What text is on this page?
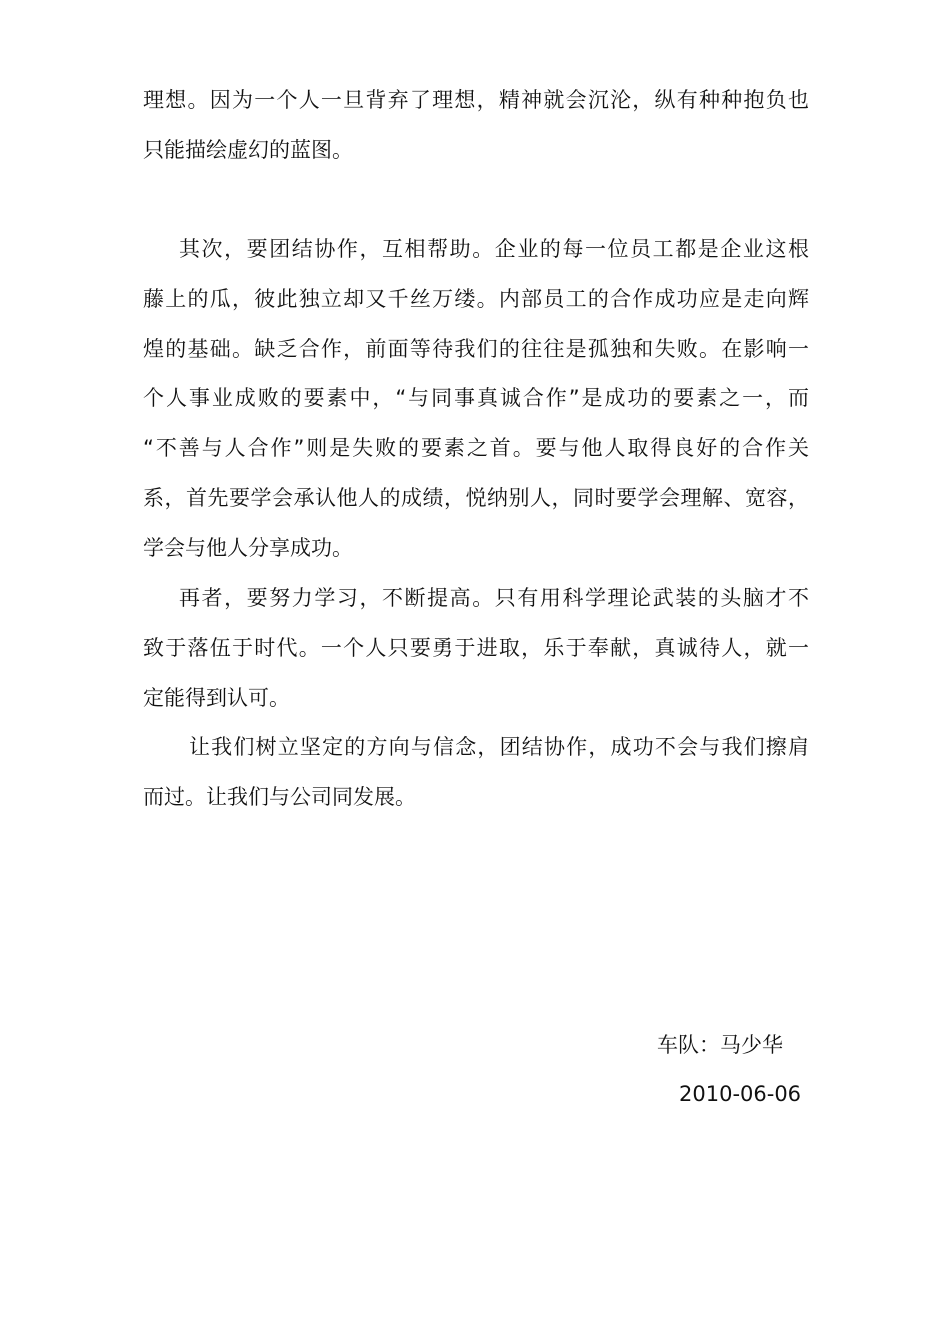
理想。因为一个人一旦背弃了理想，精神就会沉沦，纵有种种抱负也
只能描绘虚幻的蓝图。
其次，要团结协作，互相帮助。企业的每一位员工都是企业这根
藤上的瓜，彼此独立却又千丝万缕。内部员工的合作成功应是走向辉
煌的基础。缺乏合作，前面等待我们的往往是孤独和失败。在影响一
个人事业成败的要素中，“与同事真诚合作”是成功的要素之一，而
“不善与人合作”则是失败的要素之首。要与他人取得良好的合作关
系，首先要学会承认他人的成绩，悦纳别人，同时要学会理解、宽容，
学会与他人分享成功。
再者，要努力学习，不断提高。只有用科学理论武装的头脑才不
致于落伍于时代。一个人只要勇于进取，乐于奉献，真诚待人，就一
定能得到认可。
让我们树立坚定的方向与信念，团结协作，成功不会与我们擦肩
而过。让我们与公司同发展。
车队：马少华
2010-06-06
